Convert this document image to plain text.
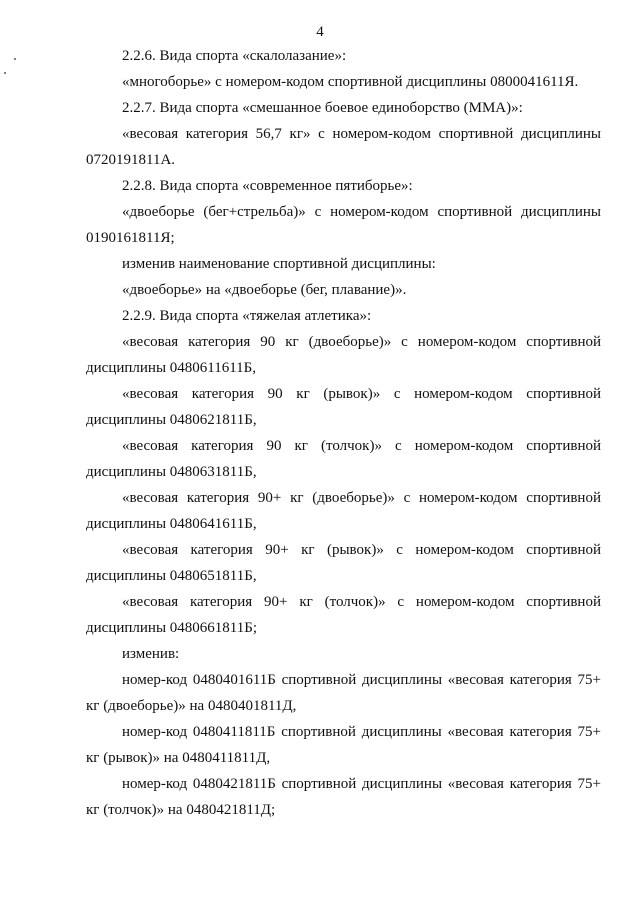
4

2.2.6. Вида спорта «скалолазание»:

«многоборье» с номером-кодом спортивной дисциплины 0800041611Я.

2.2.7. Вида спорта «смешанное боевое единоборство (ММА)»:

«весовая категория 56,7 кг» с номером-кодом спортивной дисциплины 0720191811А.

2.2.8. Вида спорта «современное пятиборье»:

«двоеборье (бег+стрельба)» с номером-кодом спортивной дисциплины 0190161811Я;

изменив наименование спортивной дисциплины:

«двоеборье» на «двоеборье (бег, плавание)».

2.2.9. Вида спорта «тяжелая атлетика»:

«весовая категория 90 кг (двоеборье)» с номером-кодом спортивной дисциплины 0480611611Б,

«весовая категория 90 кг (рывок)» с номером-кодом спортивной дисциплины 0480621811Б,

«весовая категория 90 кг (толчок)» с номером-кодом спортивной дисциплины 0480631811Б,

«весовая категория 90+ кг (двоеборье)» с номером-кодом спортивной дисциплины 0480641611Б,

«весовая категория 90+ кг (рывок)» с номером-кодом спортивной дисциплины 0480651811Б,

«весовая категория 90+ кг (толчок)» с номером-кодом спортивной дисциплины 0480661811Б;

изменив:

номер-код 0480401611Б спортивной дисциплины «весовая категория 75+ кг (двоеборье)» на 0480401811Д,

номер-код 0480411811Б спортивной дисциплины «весовая категория 75+ кг (рывок)» на 0480411811Д,

номер-код 0480421811Б спортивной дисциплины «весовая категория 75+ кг (толчок)» на 0480421811Д;
